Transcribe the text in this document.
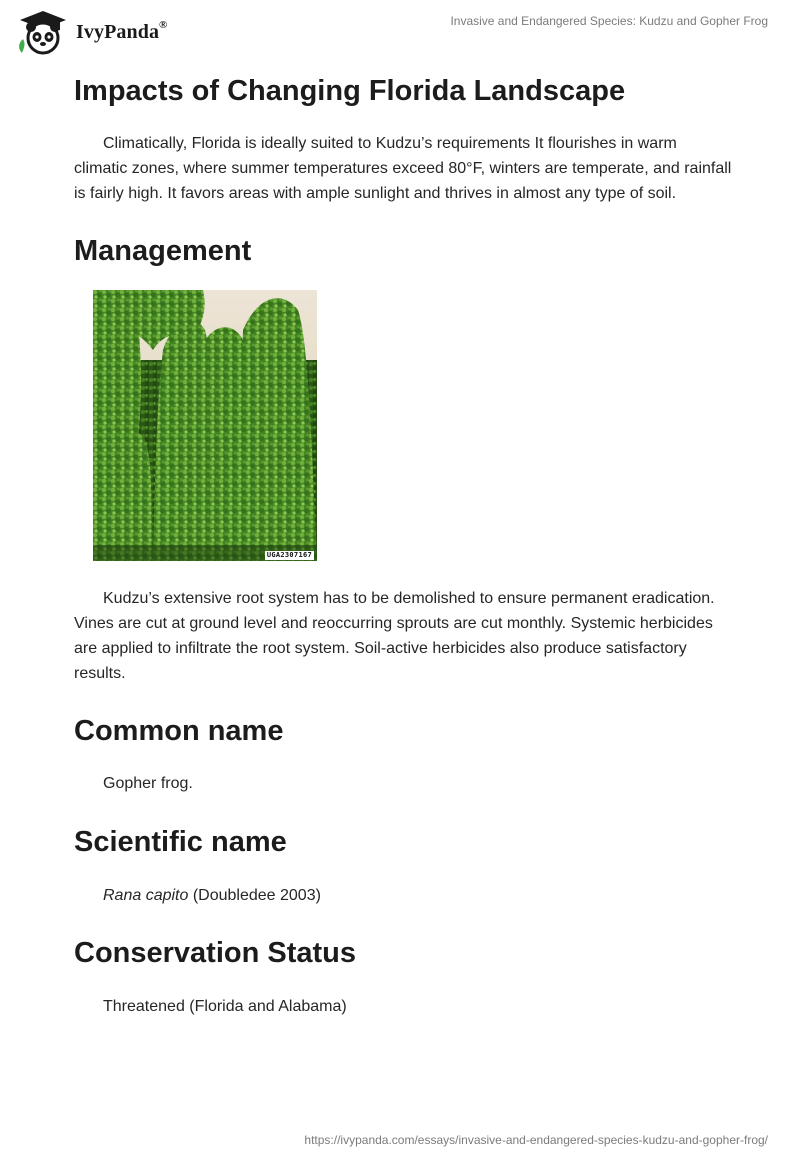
IvyPanda®	Invasive and Endangered Species: Kudzu and Gopher Frog
Impacts of Changing Florida Landscape

Climatically, Florida is ideally suited to Kudzu’s requirements It flourishes in warm climatic zones, where summer temperatures exceed 80°F, winters are temperate, and rainfall is fairly high. It favors areas with ample sunlight and thrives in almost any type of soil.

Management
UGA2307167

Kudzu’s extensive root system has to be demolished to ensure permanent eradication. Vines are cut at ground level and reoccurring sprouts are cut monthly. Systemic herbicides are applied to infiltrate the root system. Soil-active herbicides also produce satisfactory results.

Common name

Gopher frog.

Scientific name

Rana capito (Doubledee 2003)

Conservation Status

Threatened (Florida and Alabama)

https://ivypanda.com/essays/invasive-and-endangered-species-kudzu-and-gopher-frog/
